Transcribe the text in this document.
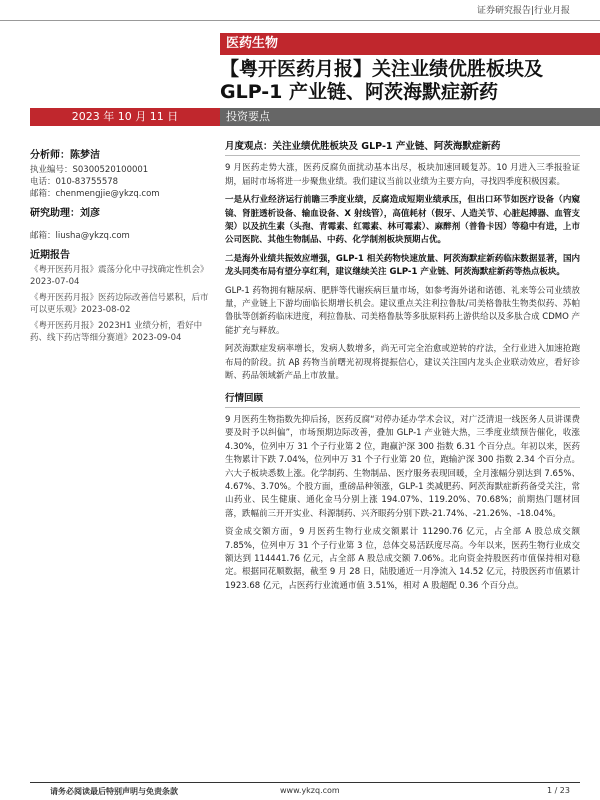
证券研究报告|行业月报
医药生物
【粤开医药月报】关注业绩优胜板块及 GLP-1 产业链、阿茨海默症新药
2023 年 10 月 11 日	投资要点
分析师：陈梦洁
执业编号：S0300520100001
电话：010-83755578
邮箱：chenmengjie@ykzq.com
研究助理：刘彦
邮箱：liusha@ykzq.com
近期报告
《粤开医药月报》震荡分化中寻找确定性机会》2023-07-04
《粤开医药月报》医药边际改善信号累积，后市可以更乐观》2023-08-02
《粤开医药月报》2023H1 业绩分析，看好中药、线下药店等细分赛道》2023-09-04
月度观点：关注业绩优胜板块及 GLP-1 产业链、阿茨海默症新药

9 月医药走势大涨，医药反腐负面扰动基本出尽，板块加速回暖复苏。10 月进入三季报验证期，届时市场将进一步聚焦业绩。我们建议当前以业绩为主要方向，寻找四季度积极因素。

一是从行业经济运行前瞻三季度业绩，反腐造成短期业绩承压，但出口环节如医疗设备（内窥镜、肾脏透析设备、输血设备、X 射线管），高值耗材（假牙、人造关节、心脏起搏器、血管支架）以及抗生素（头孢、青霉素、红霉素、林可霉素）、麻醉剂（普鲁卡因）等稳中有进，上市公司医院、其他生物制品、中药、化学制剂板块预期占优。

二是海外业绩共振效应增强，GLP-1 相关药物快速放量、阿茨海默症新药临床数据显著，国内龙头同类布局有望分享红利，建议继续关注 GLP-1 产业链、阿茨海默症新药等热点板块。

GLP-1 药物拥有糖尿病、肥胖等代谢疾病巨量市场，如参考海外诺和诺德、礼来等公司业绩放量，产业链上下游均面临长期增长机会。建议重点关注利拉鲁肽/司美格鲁肽生物类似药、苏帕鲁肽等创新药临床进度，利拉鲁肽、司美格鲁肽等多肽原料药上游供给以及多肽合成 CDMO 产能扩充与释放。

阿茨海默症发病率增长，发病人数增多，尚无可完全治愈或逆转的疗法，全行业进入加速抢跑布局的阶段。抗 Aβ 药物当前曙光初现将提振信心，建议关注国内龙头企业联动效应，看好诊断、药品领域新产品上市放量。

行情回顾

9 月医药生物指数先抑后扬，医药反腐“对停办延办学术会议，对广泛清退一线医务人员讲课费要及时予以纠偏”，市场预期边际改善，叠加 GLP-1 产业链大热，三季度业绩预告催化，收涨 4.30%，位列申万 31 个子行业第 2 位，跑赢沪深 300 指数 6.31 个百分点。年初以来，医药生物累计下跌 7.04%，位列申万 31 个子行业第 20 位，跑输沪深 300 指数 2.34 个百分点。六大子板块悉数上涨。化学制药、生物制品、医疗服务表现回暖，全月涨幅分别达到 7.65%、4.67%、3.70%。个股方面，重磅品种领涨，GLP-1 类减肥药、阿茨海默症新药备受关注，常山药业、民生健康、通化金马分别上涨 194.07%、119.20%、70.68%；前期热门题材回落，跌幅前三开开实业、科源制药、兴齐眼药分别下跌-21.74%、-21.26%、-18.04%。

资金成交额方面，9 月医药生物行业成交额累计 11290.76 亿元，占全部 A 股总成交额 7.85%，位列申万 31 个子行业第 3 位，总体交易活跃度尽高。今年以来，医药生物行业成交额达到 114441.76 亿元，占全部 A 股总成交额 7.06%。北向资金持股医药市值保持相对稳定。根据同花顺数据，截至 9 月 28 日，陆股通近一月净流入 14.52 亿元，持股医药市值累计 1923.68 亿元，占医药行业流通市值 3.51%，相对 A 股超配 0.36 个百分点。

请务必阅读最后特别声明与免责条款	www.ykzq.com	1 / 23
